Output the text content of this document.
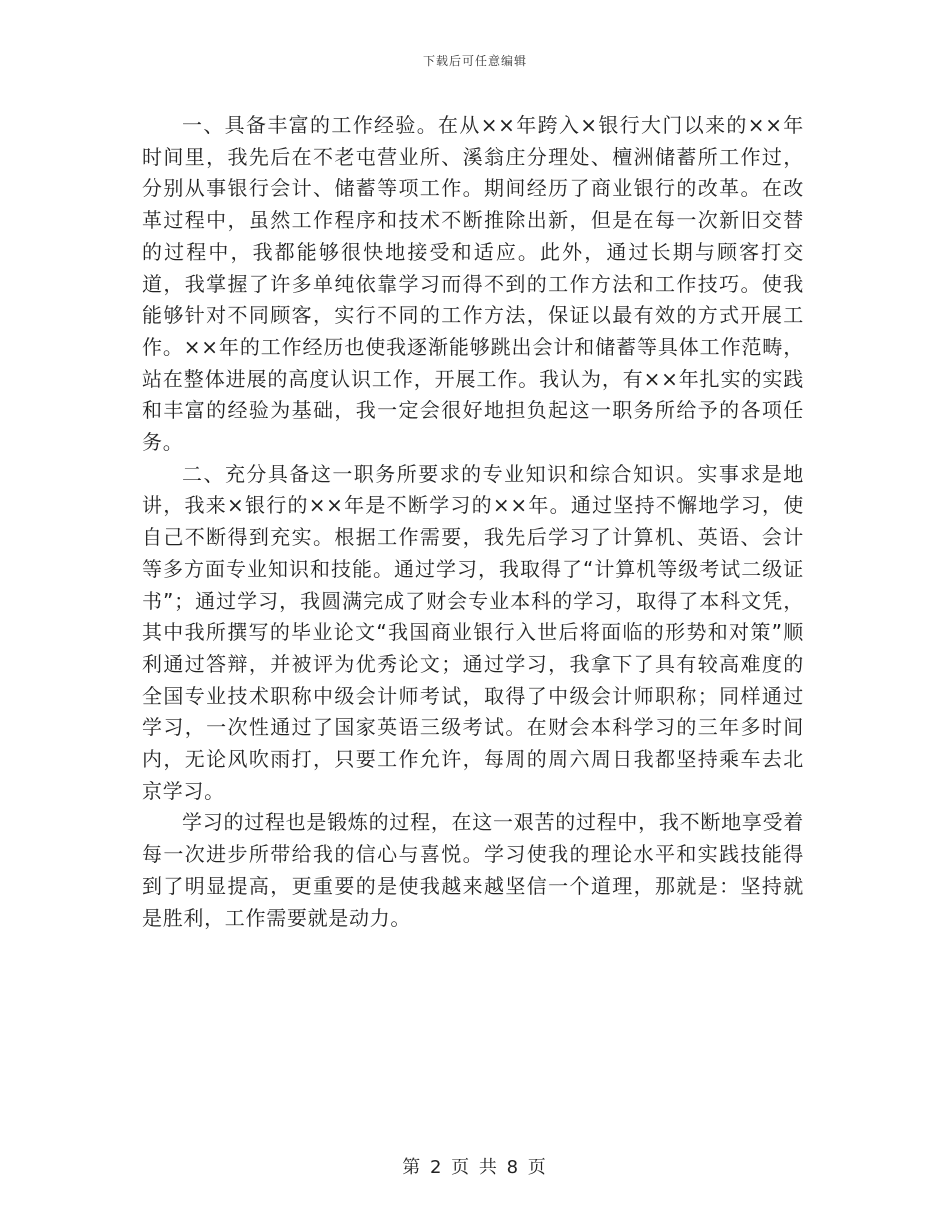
下载后可任意编辑

一、具备丰富的工作经验。在从××年跨入×银行大门以来的××年时间里，我先后在不老屯营业所、溪翁庄分理处、檀洲储蓄所工作过，分别从事银行会计、储蓄等项工作。期间经历了商业银行的改革。在改革过程中，虽然工作程序和技术不断推除出新，但是在每一次新旧交替的过程中，我都能够很快地接受和适应。此外，通过长期与顾客打交道，我掌握了许多单纯依靠学习而得不到的工作方法和工作技巧。使我能够针对不同顾客，实行不同的工作方法，保证以最有效的方式开展工作。××年的工作经历也使我逐渐能够跳出会计和储蓄等具体工作范畴，站在整体进展的高度认识工作，开展工作。我认为，有××年扎实的实践和丰富的经验为基础，我一定会很好地担负起这一职务所给予的各项任务。

二、充分具备这一职务所要求的专业知识和综合知识。实事求是地讲，我来×银行的××年是不断学习的××年。通过坚持不懈地学习，使自己不断得到充实。根据工作需要，我先后学习了计算机、英语、会计等多方面专业知识和技能。通过学习，我取得了“计算机等级考试二级证书”；通过学习，我圆满完成了财会专业本科的学习，取得了本科文凭，其中我所撰写的毕业论文“我国商业银行入世后将面临的形势和对策”顺利通过答辩，并被评为优秀论文；通过学习，我拿下了具有较高难度的全国专业技术职称中级会计师考试，取得了中级会计师职称；同样通过学习，一次性通过了国家英语三级考试。在财会本科学习的三年多时间内，无论风吹雨打，只要工作允许，每周的周六周日我都坚持乘车去北京学习。

学习的过程也是锻炼的过程，在这一艰苦的过程中，我不断地享受着每一次进步所带给我的信心与喜悦。学习使我的理论水平和实践技能得到了明显提高，更重要的是使我越来越坚信一个道理，那就是：坚持就是胜利，工作需要就是动力。

第 2 页 共 8 页
